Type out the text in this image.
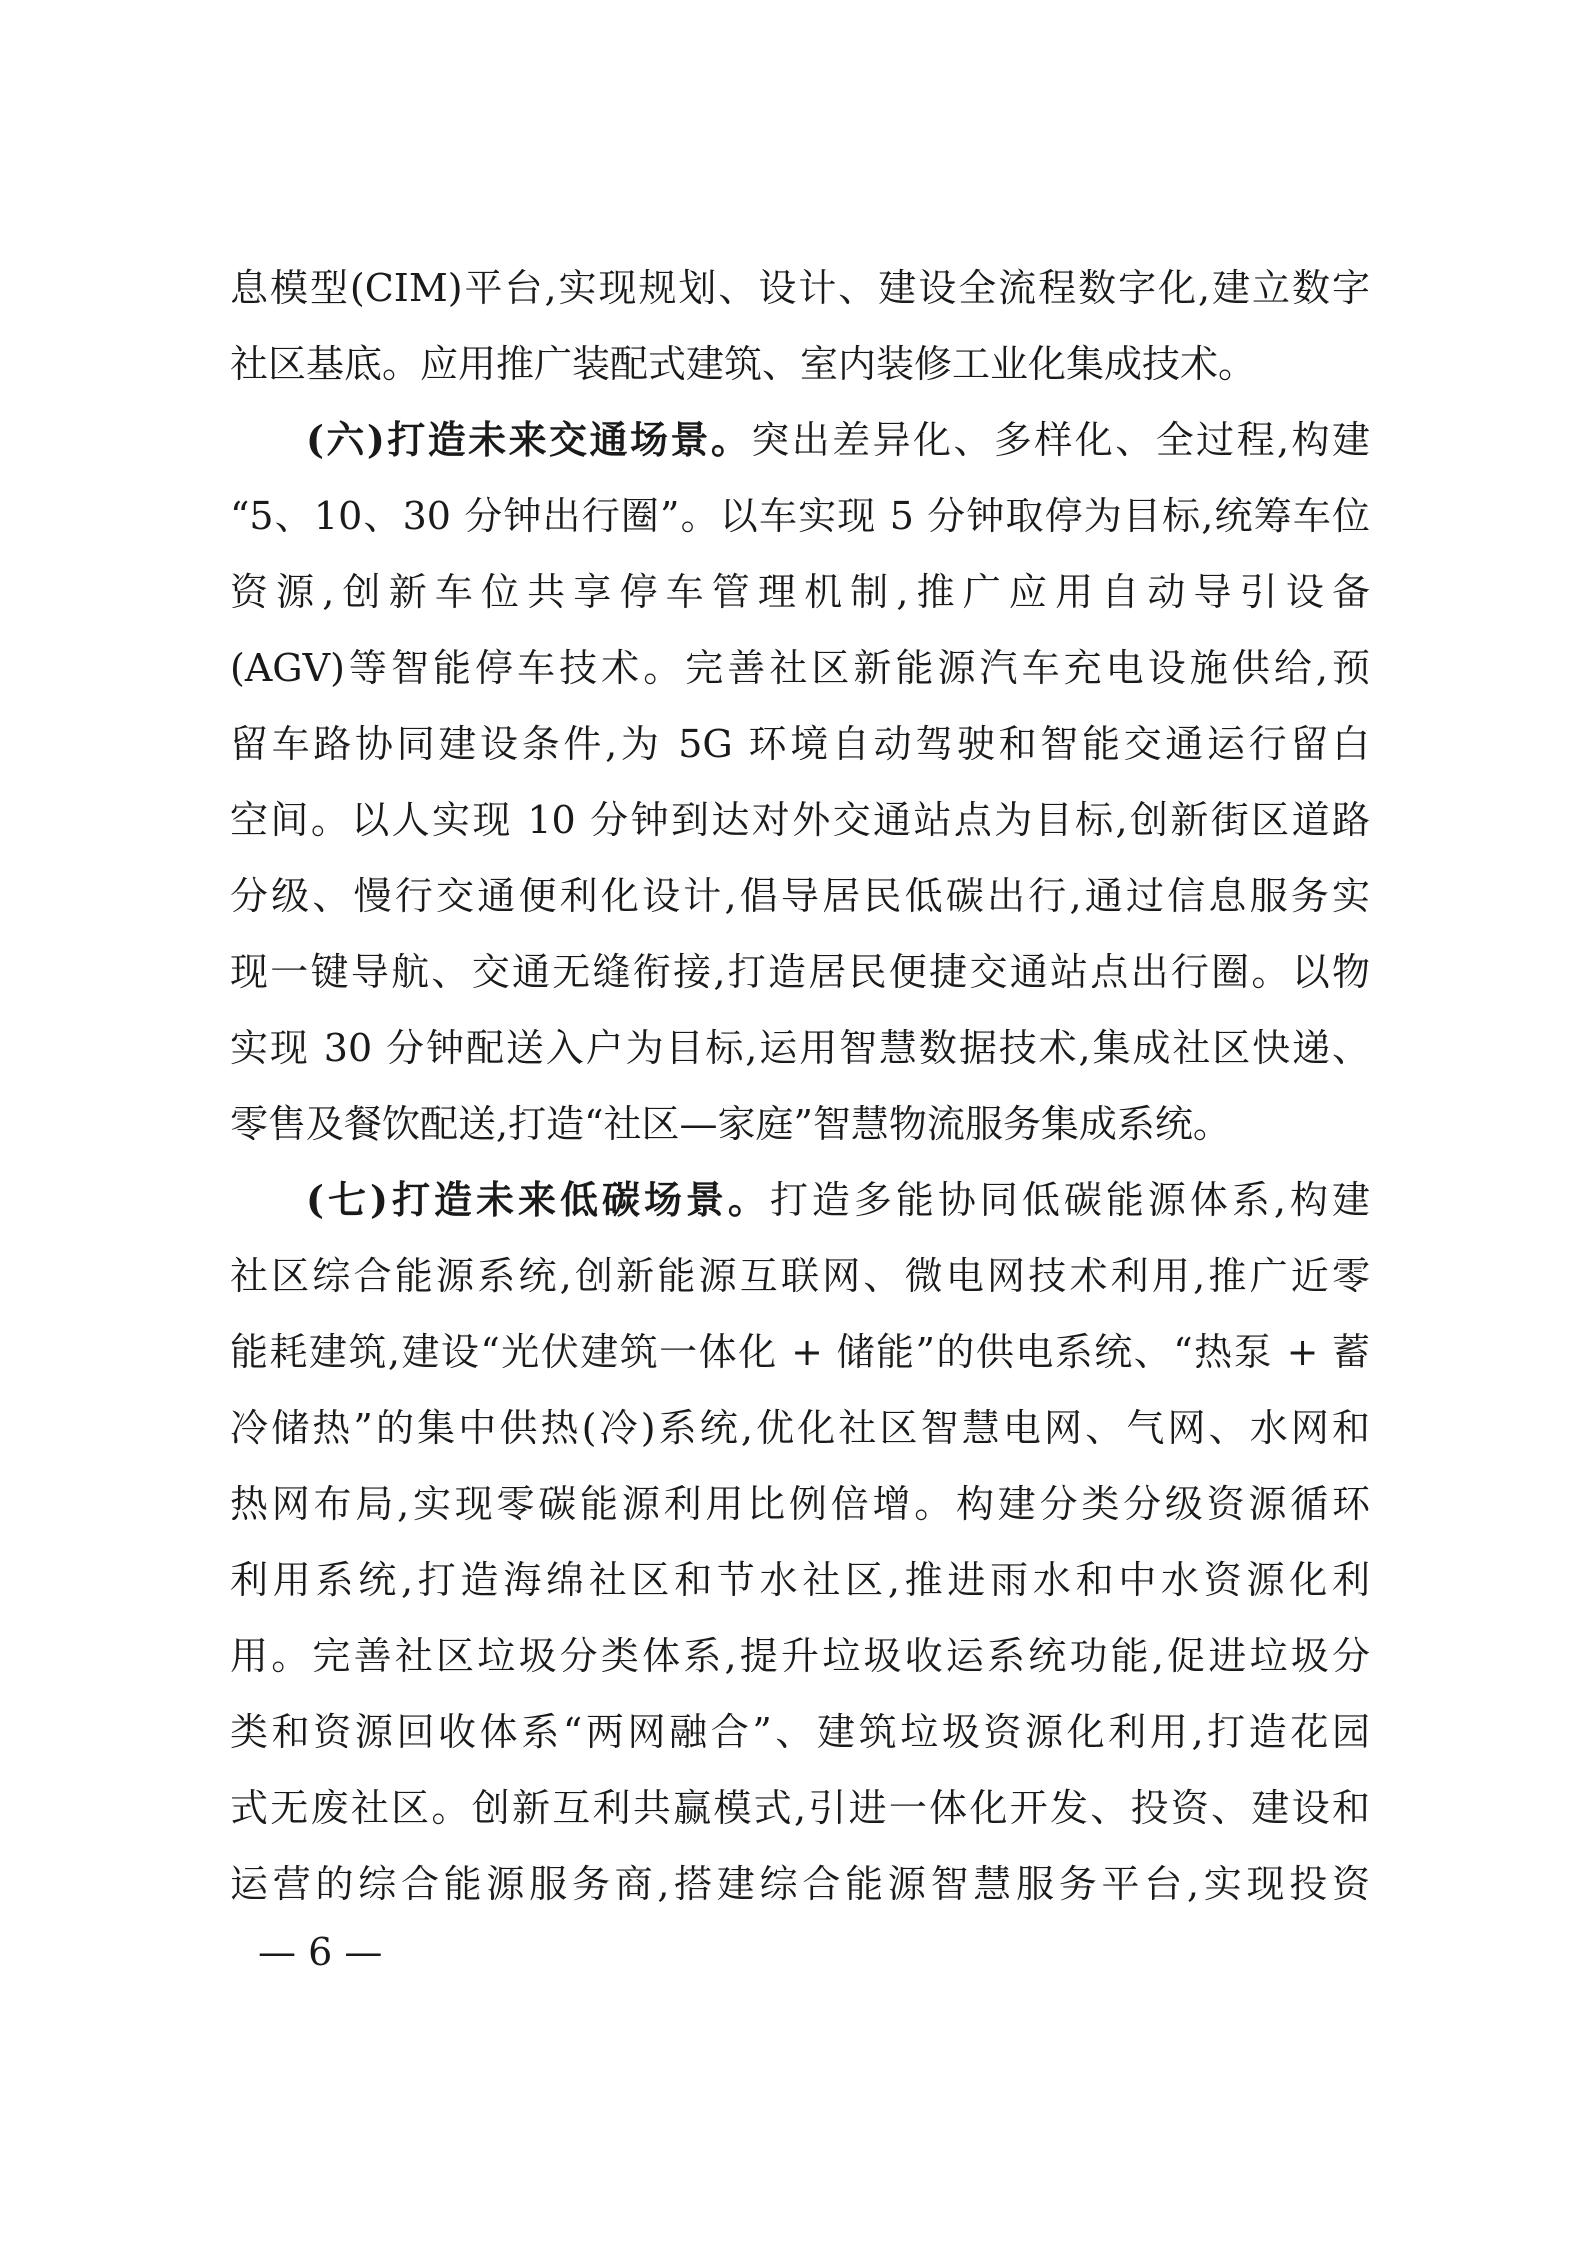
息模型(CIM)平台,实现规划、设计、建设全流程数字化,建立数字
社区基底。应用推广装配式建筑、室内装修工业化集成技术。
(六)打造未来交通场景。突出差异化、多样化、全过程,构建
“5、10、30 分钟出行圈”。以车实现 5 分钟取停为目标,统筹车位
资源,创新车位共享停车管理机制,推广应用自动导引设备
(AGV)等智能停车技术。完善社区新能源汽车充电设施供给,预
留车路协同建设条件,为 5G 环境自动驾驶和智能交通运行留白
空间。以人实现 10 分钟到达对外交通站点为目标,创新街区道路
分级、慢行交通便利化设计,倡导居民低碳出行,通过信息服务实
现一键导航、交通无缝衔接,打造居民便捷交通站点出行圈。以物
实现 30 分钟配送入户为目标,运用智慧数据技术,集成社区快递、
零售及餐饮配送,打造“社区—家庭”智慧物流服务集成系统。
(七)打造未来低碳场景。打造多能协同低碳能源体系,构建
社区综合能源系统,创新能源互联网、微电网技术利用,推广近零
能耗建筑,建设“光伏建筑一体化 + 储能”的供电系统、“热泵 + 蓄
冷储热”的集中供热(冷)系统,优化社区智慧电网、气网、水网和
热网布局,实现零碳能源利用比例倍增。构建分类分级资源循环
利用系统,打造海绵社区和节水社区,推进雨水和中水资源化利
用。完善社区垃圾分类体系,提升垃圾收运系统功能,促进垃圾分
类和资源回收体系“两网融合”、建筑垃圾资源化利用,打造花园
式无废社区。创新互利共赢模式,引进一体化开发、投资、建设和
运营的综合能源服务商,搭建综合能源智慧服务平台,实现投资
— 6 —
